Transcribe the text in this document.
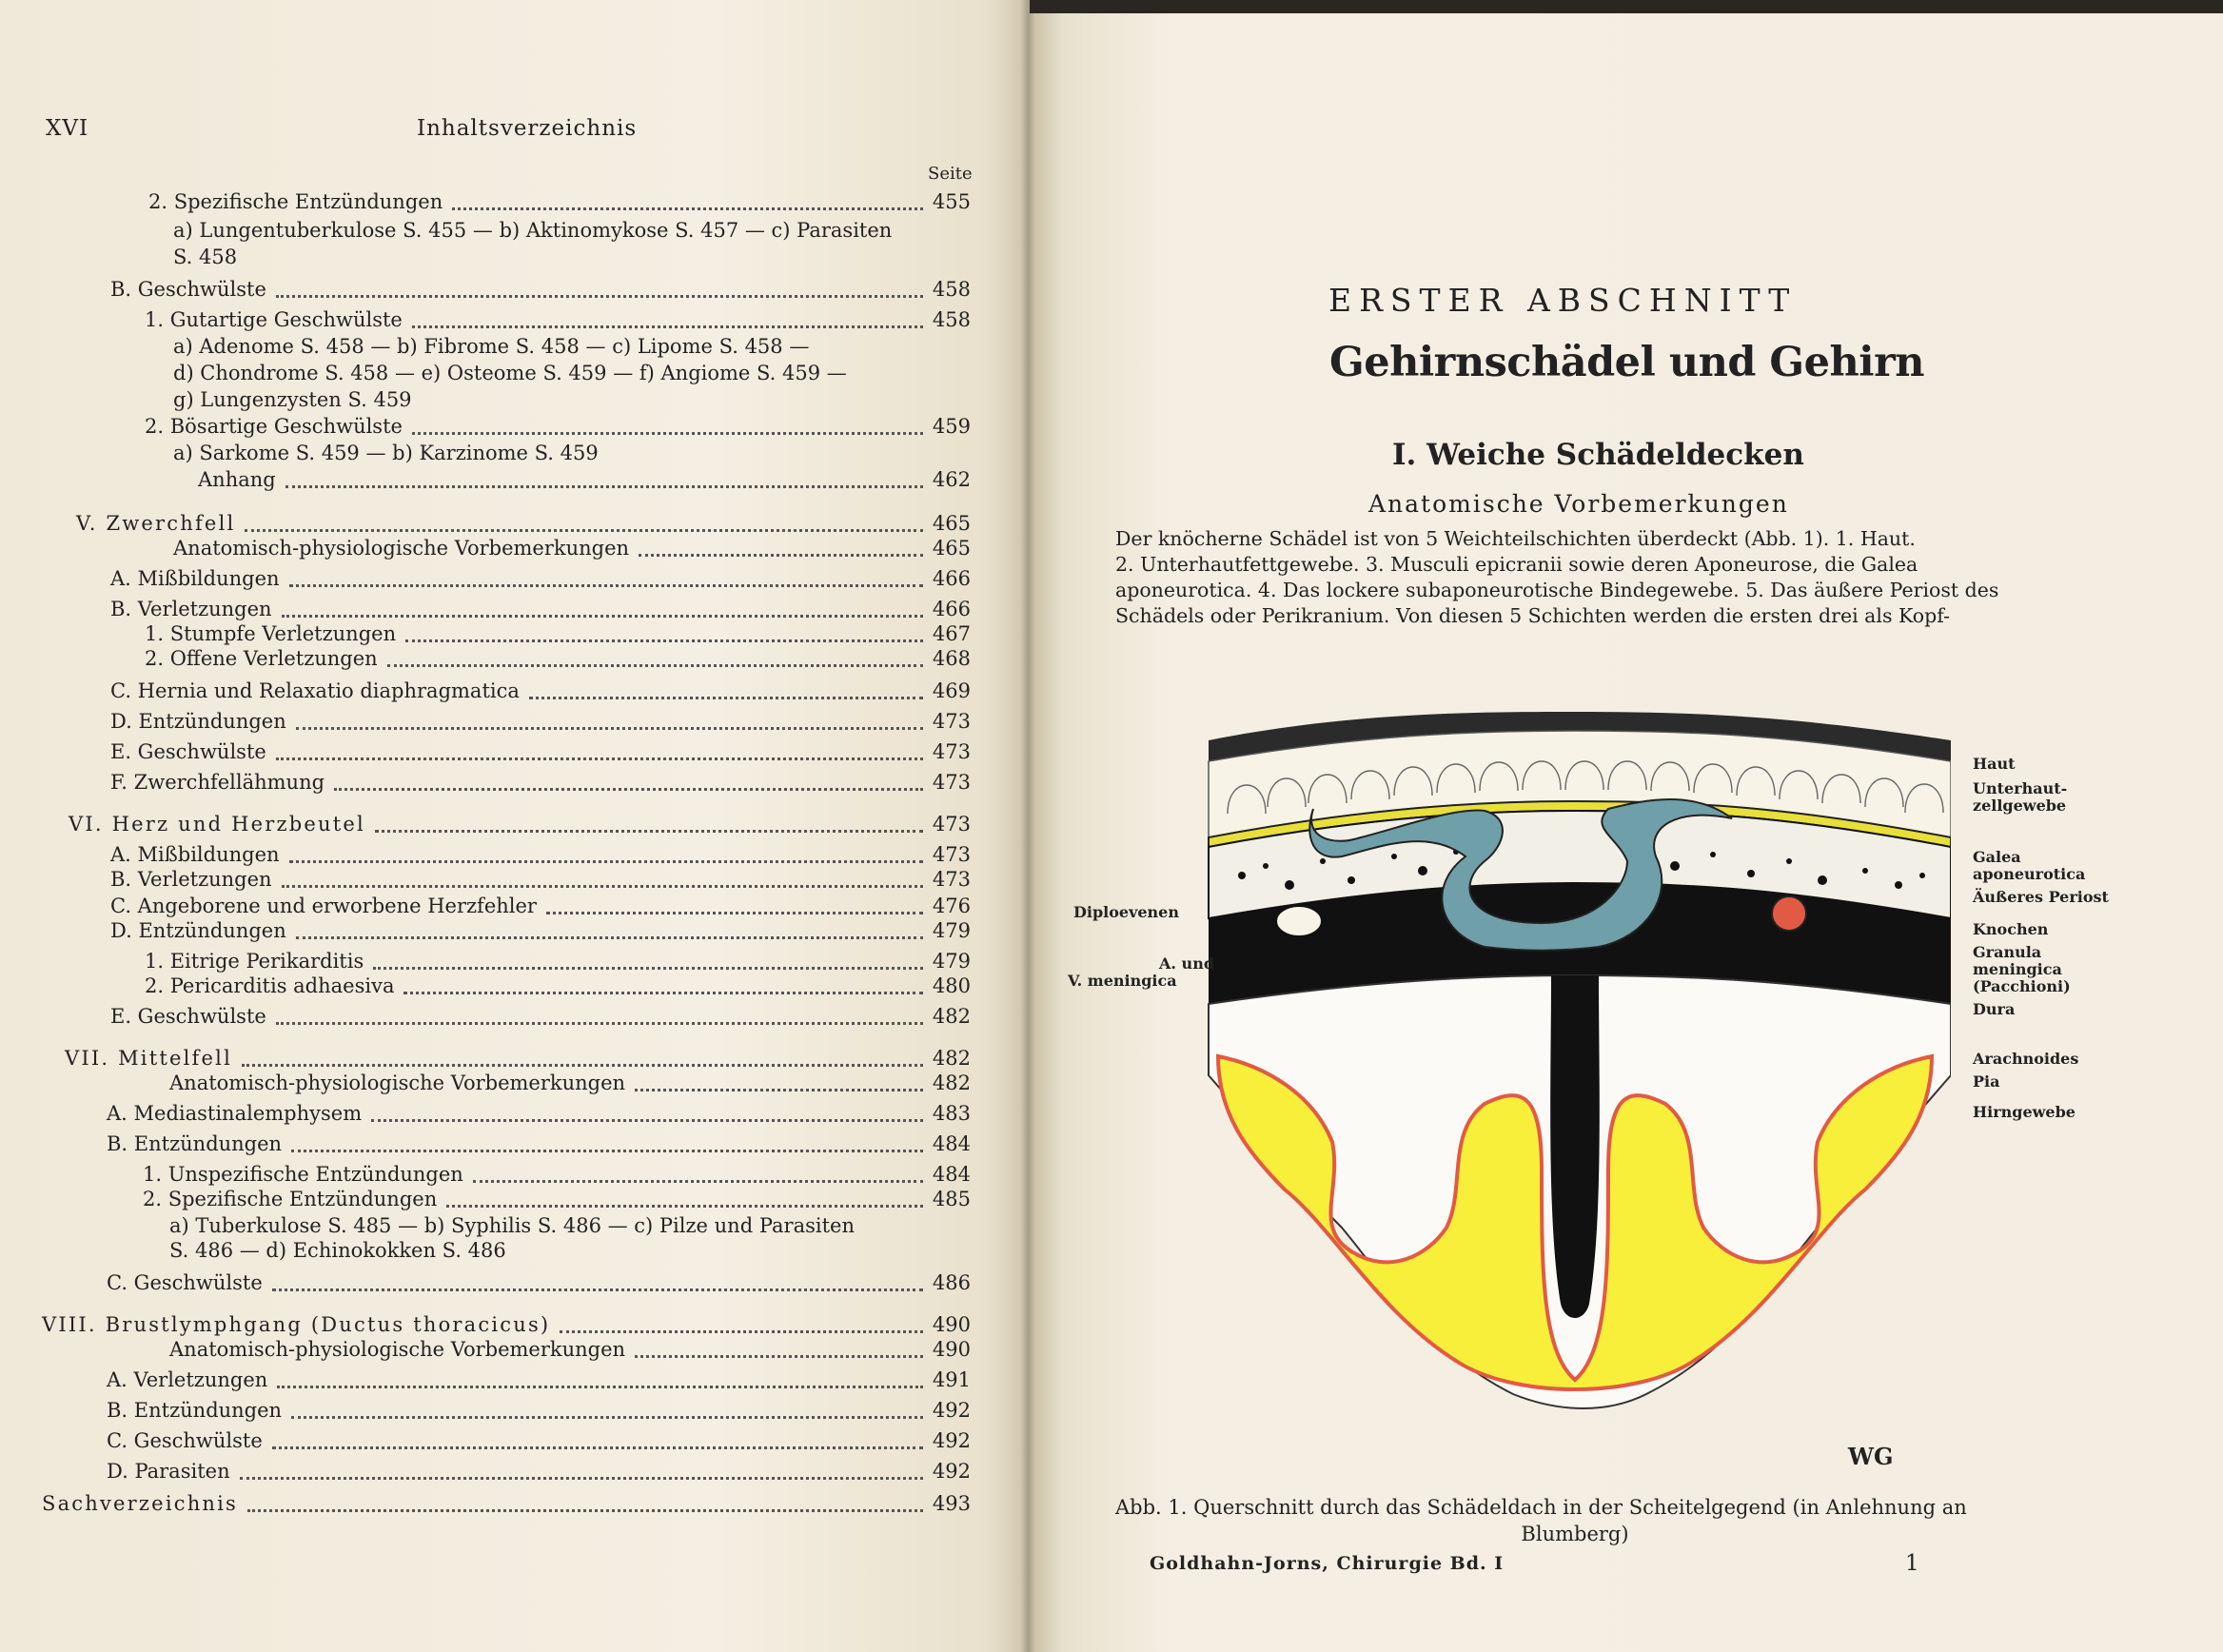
XVI	Inhaltsverzeichnis
Seite
2. Spezifische Entzündungen	455
a) Lungentuberkulose S. 455 — b) Aktinomykose S. 457 — c) Parasiten
S. 458
B. Geschwülste	458
1. Gutartige Geschwülste	458
a) Adenome S. 458 — b) Fibrome S. 458 — c) Lipome S. 458 —
d) Chondrome S. 458 — e) Osteome S. 459 — f) Angiome S. 459 —
g) Lungenzysten S. 459
2. Bösartige Geschwülste	459
a) Sarkome S. 459 — b) Karzinome S. 459
Anhang	462
V. Zwerchfell	465
Anatomisch-physiologische Vorbemerkungen	465
A. Mißbildungen	466
B. Verletzungen	466
1. Stumpfe Verletzungen	467
2. Offene Verletzungen	468
C. Hernia und Relaxatio diaphragmatica	469
D. Entzündungen	473
E. Geschwülste	473
F. Zwerchfellähmung	473
VI. Herz und Herzbeutel	473
A. Mißbildungen	473
B. Verletzungen	473
C. Angeborene und erworbene Herzfehler	476
D. Entzündungen	479
1. Eitrige Perikarditis	479
2. Pericarditis adhaesiva	480
E. Geschwülste	482
VII. Mittelfell	482
Anatomisch-physiologische Vorbemerkungen	482
A. Mediastinalemphysem	483
B. Entzündungen	484
1. Unspezifische Entzündungen	484
2. Spezifische Entzündungen	485
a) Tuberkulose S. 485 — b) Syphilis S. 486 — c) Pilze und Parasiten
S. 486 — d) Echinokokken S. 486
C. Geschwülste	486
VIII. Brustlymphgang (Ductus thoracicus)	490
Anatomisch-physiologische Vorbemerkungen	490
A. Verletzungen	491
B. Entzündungen	492
C. Geschwülste	492
D. Parasiten	492
Sachverzeichnis	493
ERSTER ABSCHNITT
Gehirnschädel und Gehirn
I. Weiche Schädeldecken
Anatomische Vorbemerkungen
Der knöcherne Schädel ist von 5 Weichteilschichten überdeckt (Abb. 1). 1. Haut.
2. Unterhautfettgewebe. 3. Musculi epicranii sowie deren Aponeurose, die Galea
aponeurotica. 4. Das lockere subaponeurotische Bindegewebe. 5. Das äußere Periost des
Schädels oder Perikranium. Von diesen 5 Schichten werden die ersten drei als Kopf-
Haut
Unterhaut-
zellgewebe
Galea
aponeurotica
Äußeres Periost
Knochen
Granula
meningica
(Pacchioni)
Dura
Arachnoides
Pia
Hirngewebe
Diploevenen
A. und
V. meningica
WG
Abb. 1. Querschnitt durch das Schädeldach in der Scheitelgegend (in Anlehnung an
Blumberg)
Goldhahn-Jorns, Chirurgie Bd. I	1
